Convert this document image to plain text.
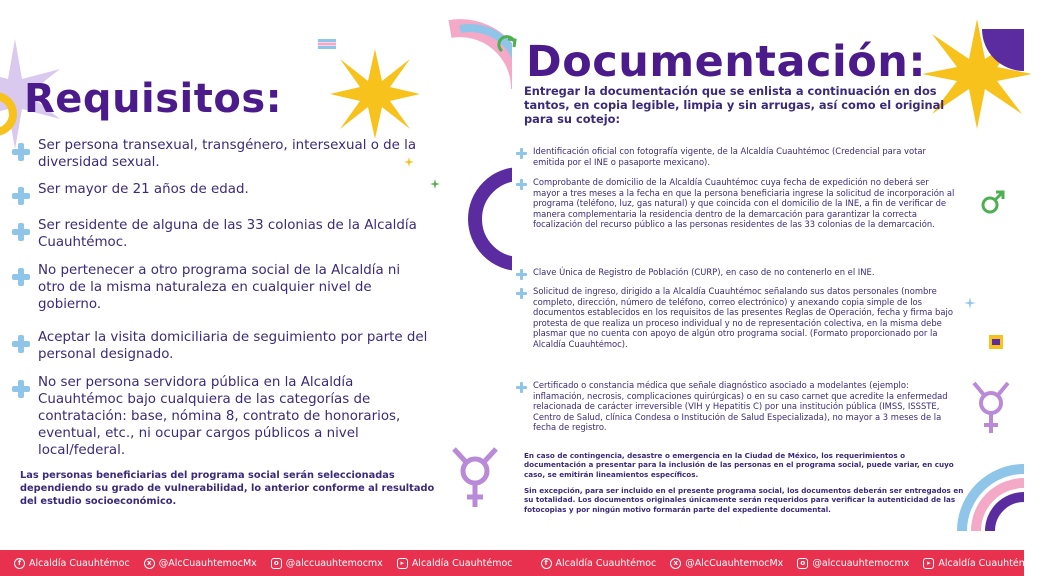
Requisitos:
Ser persona transexual, transgénero, intersexual o de la diversidad sexual.
Ser mayor de 21 años de edad.
Ser residente de alguna de las 33 colonias de la Alcaldía Cuauhtémoc.
No pertenecer a otro programa social de la Alcaldía ni otro de la misma naturaleza en cualquier nivel de gobierno.
Aceptar la visita domiciliaria de seguimiento por parte del personal designado.
No ser persona servidora pública en la Alcaldía Cuauhtémoc bajo cualquiera de las categorías de contratación: base, nómina 8, contrato de honorarios, eventual, etc., ni ocupar cargos públicos a nivel local/federal.
Las personas beneficiarias del programa social serán seleccionadas dependiendo su grado de vulnerabilidad, lo anterior conforme al resultado del estudio socioeconómico.
Documentación:
Entregar la documentación que se enlista a continuación en dos tantos, en copia legible, limpia y sin arrugas, así como el original para su cotejo:
Identificación oficial con fotografía vigente, de la Alcaldía Cuauhtémoc (Credencial para votar emitida por el INE o pasaporte mexicano).
Comprobante de domicilio de la Alcaldía Cuauhtémoc cuya fecha de expedición no deberá ser mayor a tres meses a la fecha en que la persona beneficiaria ingrese la solicitud de incorporación al programa (teléfono, luz, gas natural) y que coincida con el domicilio de la INE, a fin de verificar de manera complementaria la residencia dentro de la demarcación para garantizar la correcta focalización del recurso público a las personas residentes de las 33 colonias de la demarcación.
Clave Única de Registro de Población (CURP), en caso de no contenerlo en el INE.
Solicitud de ingreso, dirigido a la Alcaldía Cuauhtémoc señalando sus datos personales (nombre completo, dirección, número de teléfono, correo electrónico) y anexando copia simple de los documentos establecidos en los requisitos de las presentes Reglas de Operación, fecha y firma bajo protesta de que realiza un proceso individual y no de representación colectiva, en la misma debe plasmar que no cuenta con apoyo de algún otro programa social. (Formato proporcionado por la Alcaldía Cuauhtémoc).
Certificado o constancia médica que señale diagnóstico asociado a modelantes (ejemplo: inflamación, necrosis, complicaciones quirúrgicas) o en su caso carnet que acredite la enfermedad relacionada de carácter irreversible (VIH y Hepatitis C) por una institución pública (IMSS, ISSSTE, Centro de Salud, clínica Condesa o Institución de Salud Especializada), no mayor a 3 meses de la fecha de registro.
En caso de contingencia, desastre o emergencia en la Ciudad de México, los requerimientos o documentación a presentar para la inclusión de las personas en el programa social, puede variar, en cuyo caso, se emitirán lineamientos específicos.
Sin excepción, para ser incluido en el presente programa social, los documentos deberán ser entregados en su totalidad. Los documentos originales únicamente serán requeridos para verificar la autenticidad de las fotocopias y por ningún motivo formarán parte del expediente documental.
f Alcaldía Cuauhtémoc	x @AlcCuauhtemocMx	o @alccuauhtemocmx	▸ Alcaldía Cuauhtémoc	f Alcaldía Cuauhtémoc	x @AlcCuauhtemocMx	o @alccuauhtemocmx	▸ Alcaldía Cuauhtémoc
